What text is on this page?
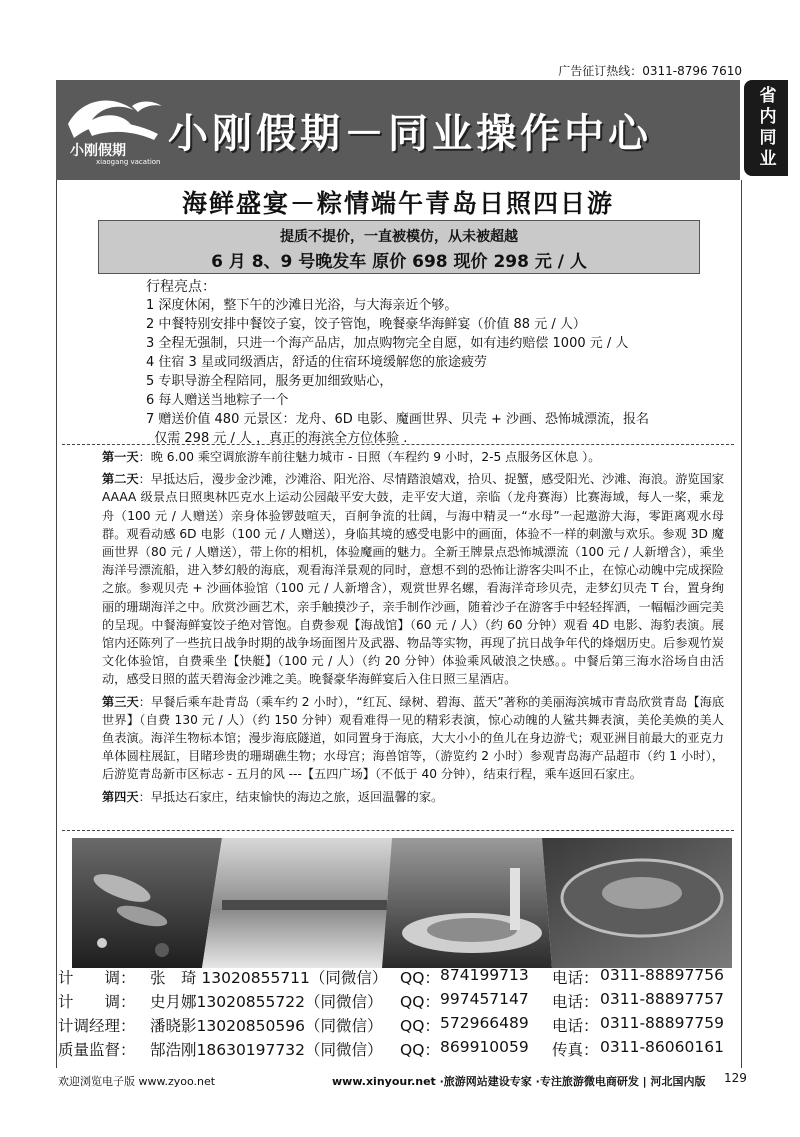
广告征订热线：0311-8796 7610
省内同业
小刚假期
xiaogang vacation
小刚假期－同业操作中心
海鲜盛宴－粽情端午青岛日照四日游
提质不提价，一直被模仿，从未被超越
6 月 8、9 号晚发车 原价 698 现价 298 元 / 人
行程亮点：
1 深度休闲，整下午的沙滩日光浴，与大海亲近个够。
2 中餐特别安排中餐饺子宴，饺子管饱，晚餐豪华海鲜宴（价值 88 元 / 人）
3 全程无强制，只进一个海产品店，加点购物完全自愿，如有违约赔偿 1000 元 / 人
4 住宿 3 星或同级酒店，舒适的住宿环境缓解您的旅途疲劳
5 专职导游全程陪同，服务更加细致贴心，
6 每人赠送当地粽子一个
7 赠送价值 480 元景区：龙舟、6D 电影、魔画世界、贝壳 + 沙画、恐怖城漂流，报名
仅需 298 元 / 人 ，真正的海滨全方位体验 .

第一天：晚 6.00 乘空调旅游车前往魅力城市 - 日照（车程约 9 小时，2-5 点服务区休息 ）。

第二天：早抵达后，漫步金沙滩，沙滩浴、阳光浴、尽情踏浪嬉戏，拾贝、捉蟹，感受阳光、沙滩、海浪。游览国家 AAAA 级景点日照奥林匹克水上运动公园敲平安大鼓，走平安大道，亲临（龙舟赛海）比赛海域，每人一桨，乘龙舟（100 元 / 人赠送）亲身体验锣鼓喧天，百舸争流的壮阔，与海中精灵一“水母”一起遨游大海，零距离观水母群。观看动感 6D 电影（100 元 / 人赠送），身临其境的感受电影中的画面，体验不一样的刺激与欢乐。参观 3D 魔画世界（80 元 / 人赠送），带上你的相机，体验魔画的魅力。全新王牌景点恐怖城漂流（100 元 / 人新增含），乘坐海洋号漂流船，进入梦幻般的海底，观看海洋景观的同时，意想不到的恐怖让游客尖叫不止，在惊心动魄中完成探险之旅。参观贝壳 + 沙画体验馆（100 元 / 人新增含），观赏世界名螺，看海洋奇珍贝壳，走梦幻贝壳 T 台，置身绚丽的珊瑚海洋之中。欣赏沙画艺术，亲手触摸沙子，亲手制作沙画，随着沙子在游客手中轻轻挥洒，一幅幅沙画完美的呈现。中餐海鲜宴饺子绝对管饱。自费参观【海战馆】（60 元 / 人）（约 60 分钟）观看 4D 电影、海豹表演。展馆内还陈列了一些抗日战争时期的战争场面图片及武器、物品等实物，再现了抗日战争年代的烽烟历史。后参观竹炭文化体验馆，自费乘坐【快艇】（100 元 / 人）（约 20 分钟）体验乘风破浪之快感。。中餐后第三海水浴场自由活动，感受日照的蓝天碧海金沙滩之美。晚餐豪华海鲜宴后入住日照三星酒店。

第三天：早餐后乘车赴青岛（乘车约 2 小时），“红瓦、绿树、碧海、蓝天”著称的美丽海滨城市青岛欣赏青岛【海底世界】（自费 130 元 / 人）（约 150 分钟）观看难得一见的精彩表演，惊心动魄的人鲨共舞表演，美伦美焕的美人鱼表演。海洋生物标本馆；漫步海底隧道，如同置身于海底，大大小小的鱼儿在身边游弋；观亚洲目前最大的亚克力单体圆柱展缸，目睹珍贵的珊瑚礁生物；水母宫；海兽馆等，（游览约 2 小时）参观青岛海产品超市（约 1 小时），后游览青岛新市区标志 - 五月的风 ---【五四广场】（不低于 40 分钟），结束行程，乘车返回石家庄。

第四天：早抵达石家庄，结束愉快的海边之旅，返回温馨的家。

计　　调： 张　琦 13020855711（同微信） QQ： 874199713 电话： 0311-88897756
计　　调： 史月娜13020855722（同微信） QQ： 997457147 电话： 0311-88897757
计调经理： 潘晓影13020850596（同微信） QQ： 572966489 电话： 0311-88897759
质量监督： 郜浩刚18630197732（同微信） QQ： 869910059 传真： 0311-86060161
欢迎浏览电子版 www.zyoo.net	www.xinyour.net ·旅游网站建设专家 ·专注旅游微电商研发 | 河北国内版 129
